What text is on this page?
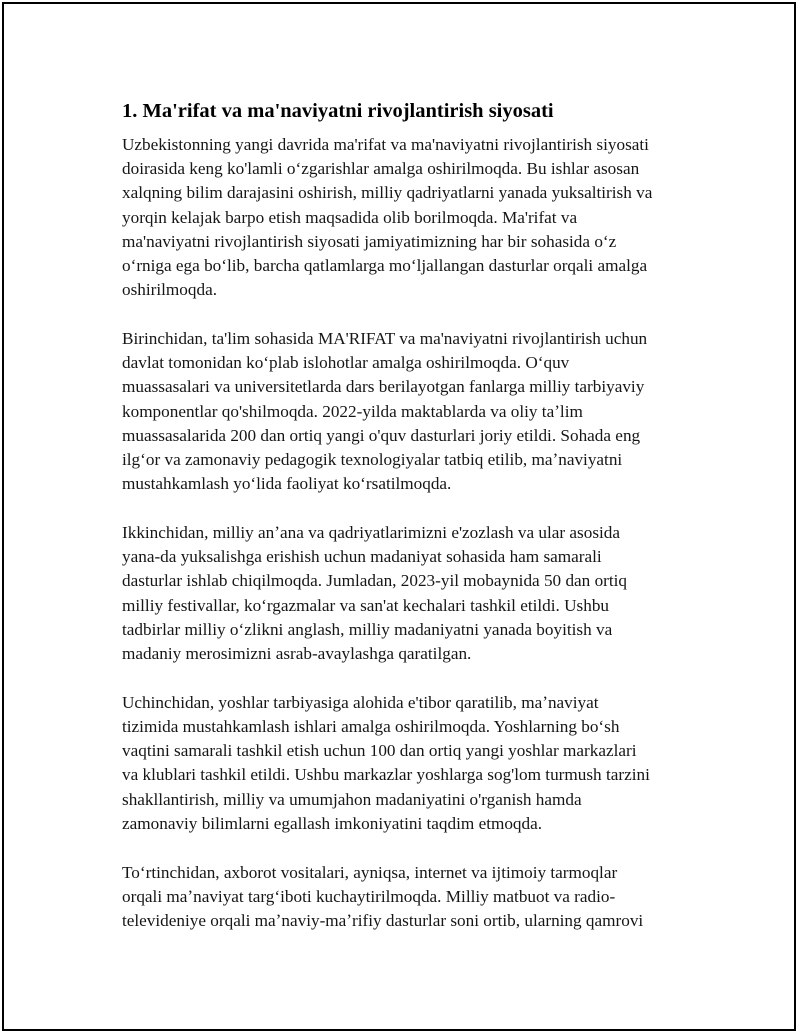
1. Ma'rifat va ma'naviyatni rivojlantirish siyosati
Uzbekistonning yangi davrida ma'rifat va ma'naviyatni rivojlantirish siyosati
doirasida keng ko'lamli oʻzgarishlar amalga oshirilmoqda. Bu ishlar asosan
xalqning bilim darajasini oshirish, milliy qadriyatlarni yanada yuksaltirish va
yorqin kelajak barpo etish maqsadida olib borilmoqda. Ma'rifat va
ma'naviyatni rivojlantirish siyosati jamiyatimizning har bir sohasida oʻz
oʻrniga ega boʻlib, barcha qatlamlarga moʻljallangan dasturlar orqali amalga
oshirilmoqda.
Birinchidan, ta'lim sohasida MA'RIFAT va ma'naviyatni rivojlantirish uchun
davlat tomonidan koʻplab islohotlar amalga oshirilmoqda. Oʻquv
muassasalari va universitetlarda dars berilayotgan fanlarga milliy tarbiyaviy
komponentlar qo'shilmoqda. 2022-yilda maktablarda va oliy taʼlim
muassasalarida 200 dan ortiq yangi o'quv dasturlari joriy etildi. Sohada eng
ilgʻor va zamonaviy pedagogik texnologiyalar tatbiq etilib, maʼnaviyatni
mustahkamlash yoʻlida faoliyat koʻrsatilmoqda.
Ikkinchidan, milliy anʼana va qadriyatlarimizni e'zozlash va ular asosida
yana-da yuksalishga erishish uchun madaniyat sohasida ham samarali
dasturlar ishlab chiqilmoqda. Jumladan, 2023-yil mobaynida 50 dan ortiq
milliy festivallar, koʻrgazmalar va san'at kechalari tashkil etildi. Ushbu
tadbirlar milliy oʻzlikni anglash, milliy madaniyatni yanada boyitish va
madaniy merosimizni asrab-avaylashga qaratilgan.
Uchinchidan, yoshlar tarbiyasiga alohida e'tibor qaratilib, maʼnaviyat
tizimida mustahkamlash ishlari amalga oshirilmoqda. Yoshlarning boʻsh
vaqtini samarali tashkil etish uchun 100 dan ortiq yangi yoshlar markazlari
va klublari tashkil etildi. Ushbu markazlar yoshlarga sog'lom turmush tarzini
shakllantirish, milliy va umumjahon madaniyatini o'rganish hamda
zamonaviy bilimlarni egallash imkoniyatini taqdim etmoqda.
Toʻrtinchidan, axborot vositalari, ayniqsa, internet va ijtimoiy tarmoqlar
orqali maʼnaviyat targʻiboti kuchaytirilmoqda. Milliy matbuot va radio-
televideniye orqali maʼnaviy-maʼrifiy dasturlar soni ortib, ularning qamrovi
